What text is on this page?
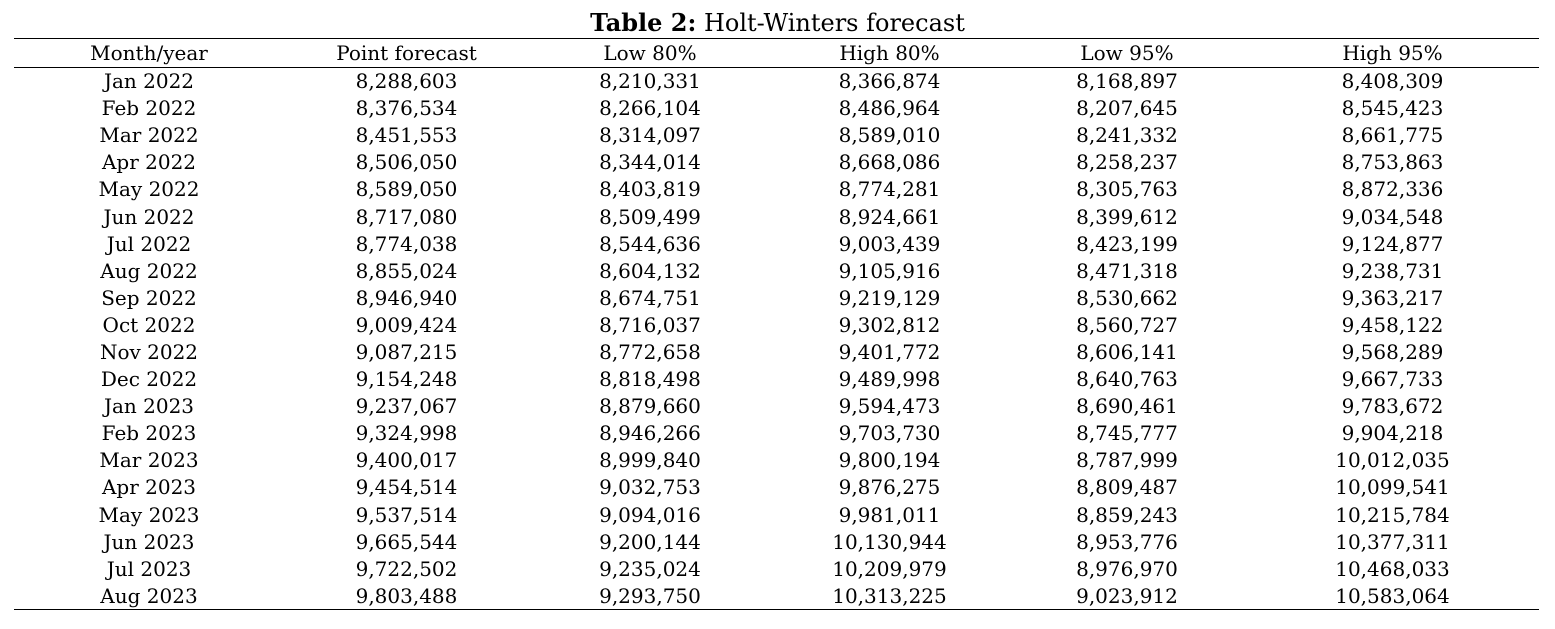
Table 2: Holt-Winters forecast
Month/year	Point forecast	Low 80%	High 80%	Low 95%	High 95%
Jan 2022	8,288,603	8,210,331	8,366,874	8,168,897	8,408,309
Feb 2022	8,376,534	8,266,104	8,486,964	8,207,645	8,545,423
Mar 2022	8,451,553	8,314,097	8,589,010	8,241,332	8,661,775
Apr 2022	8,506,050	8,344,014	8,668,086	8,258,237	8,753,863
May 2022	8,589,050	8,403,819	8,774,281	8,305,763	8,872,336
Jun 2022	8,717,080	8,509,499	8,924,661	8,399,612	9,034,548
Jul 2022	8,774,038	8,544,636	9,003,439	8,423,199	9,124,877
Aug 2022	8,855,024	8,604,132	9,105,916	8,471,318	9,238,731
Sep 2022	8,946,940	8,674,751	9,219,129	8,530,662	9,363,217
Oct 2022	9,009,424	8,716,037	9,302,812	8,560,727	9,458,122
Nov 2022	9,087,215	8,772,658	9,401,772	8,606,141	9,568,289
Dec 2022	9,154,248	8,818,498	9,489,998	8,640,763	9,667,733
Jan 2023	9,237,067	8,879,660	9,594,473	8,690,461	9,783,672
Feb 2023	9,324,998	8,946,266	9,703,730	8,745,777	9,904,218
Mar 2023	9,400,017	8,999,840	9,800,194	8,787,999	10,012,035
Apr 2023	9,454,514	9,032,753	9,876,275	8,809,487	10,099,541
May 2023	9,537,514	9,094,016	9,981,011	8,859,243	10,215,784
Jun 2023	9,665,544	9,200,144	10,130,944	8,953,776	10,377,311
Jul 2023	9,722,502	9,235,024	10,209,979	8,976,970	10,468,033
Aug 2023	9,803,488	9,293,750	10,313,225	9,023,912	10,583,064
